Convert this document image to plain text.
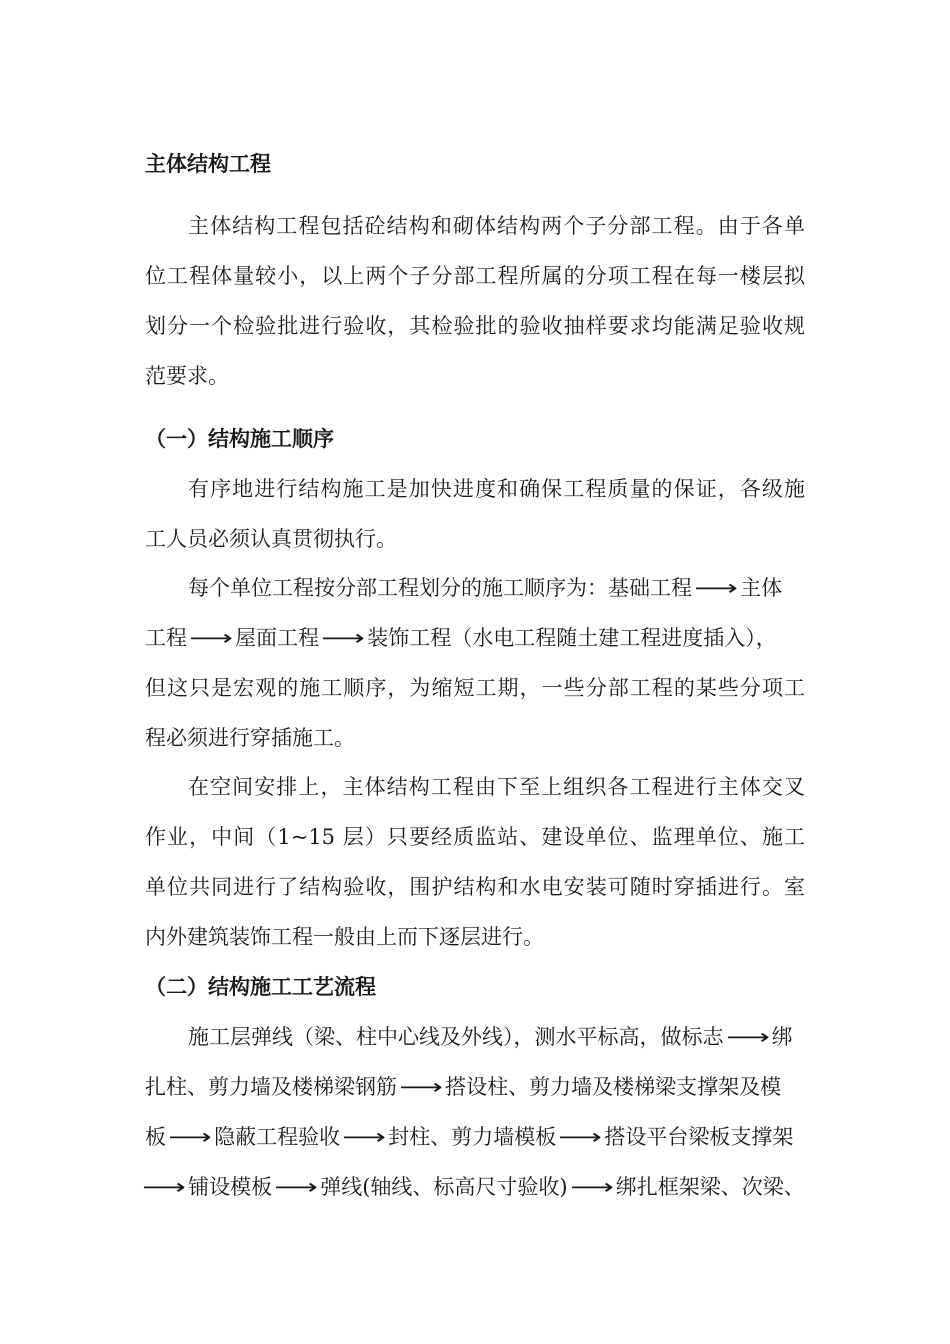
主体结构工程

主体结构工程包括砼结构和砌体结构两个子分部工程。由于各单

位工程体量较小，以上两个子分部工程所属的分项工程在每一楼层拟

划分一个检验批进行验收，其检验批的验收抽样要求均能满足验收规

范要求。

（一）结构施工顺序

有序地进行结构施工是加快进度和确保工程质量的保证，各级施

工人员必须认真贯彻执行。

每个单位工程按分部工程划分的施工顺序为：基础工程 ⟶ 主体

工程 ⟶ 屋面工程 ⟶ 装饰工程（水电工程随土建工程进度插入），

但这只是宏观的施工顺序，为缩短工期，一些分部工程的某些分项工

程必须进行穿插施工。

在空间安排上，主体结构工程由下至上组织各工程进行主体交叉

作业，中间（1~15 层）只要经质监站、建设单位、监理单位、施工

单位共同进行了结构验收，围护结构和水电安装可随时穿插进行。室

内外建筑装饰工程一般由上而下逐层进行。

（二）结构施工工艺流程

施工层弹线（梁、柱中心线及外线），测水平标高，做标志 ⟶ 绑

扎柱、剪力墙及楼梯梁钢筋 ⟶ 搭设柱、剪力墙及楼梯梁支撑架及模

板 ⟶ 隐蔽工程验收 ⟶ 封柱、剪力墙模板 ⟶ 搭设平台梁板支撑架

⟶ 铺设模板 ⟶ 弹线(轴线、标高尺寸验收) ⟶ 绑扎框架梁、次梁、
